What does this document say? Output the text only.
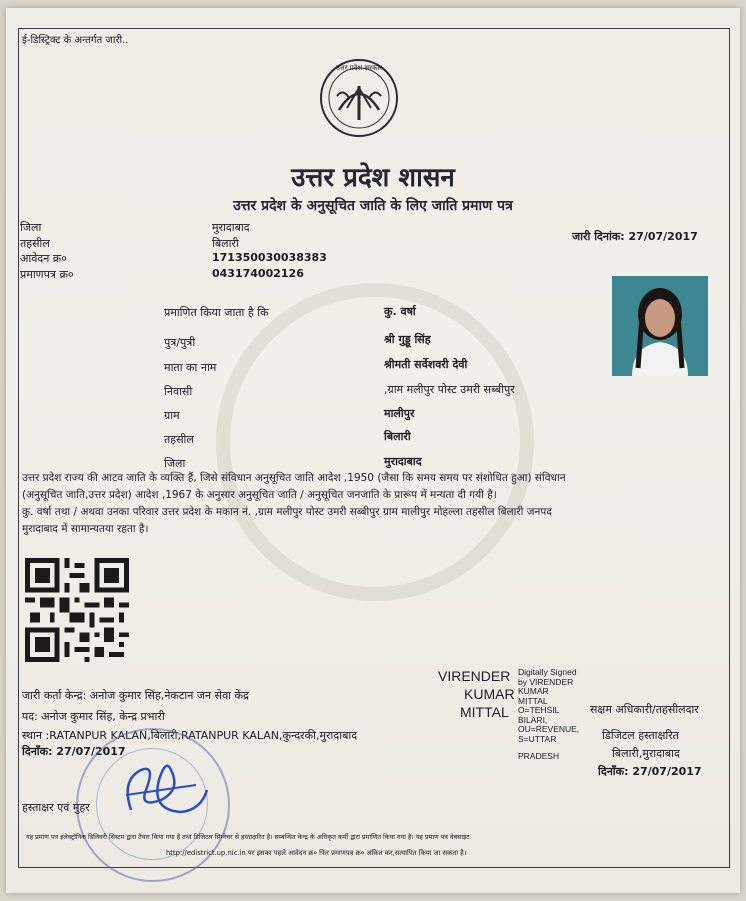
ई-डिस्ट्रिक्ट के अन्तर्गत जारी..
उत्तर प्रदेश सरकार
उत्तर प्रदेश शासन
उत्तर प्रदेश के अनुसूचित जाति के लिए जाति प्रमाण पत्र
जिला	मुरादाबाद
तहसील	बिलारी
आवेदन क्र०	171350030038383
प्रमाणपत्र क्र०	043174002126
जारी दिनांक: 27/07/2017
प्रमाणित किया जाता है कि	कु. वर्षा
पुत्र/पुत्री	श्री गुड्डू सिंह
माता का नाम	श्रीमती सर्वेशवरी देवी
निवासी	,ग्राम मलीपुर पोस्ट उमरी सब्बीपुर
ग्राम	मालीपुर
तहसील	बिलारी
जिला	मुरादाबाद
उत्तर प्रदेश राज्य की आटव जाति के व्यक्ति हैं, जिसे संविधान अनुसूचित जाति आदेश ,1950 (जैसा कि समय समय पर संशोधित हुआ) संविधान
(अनुसूचित जाति,उत्तर प्रदेश) आदेश ,1967 के अनुसार अनुसूचित जाति / अनुसूचित जनजाति के प्रारूप में मन्यता दी गयी है।
कु. वर्षा तथा / अथवा उनका परिवार उत्तर प्रदेश के मकान नं. ,ग्राम मलीपुर पोस्ट उमरी सब्बीपुर ग्राम मालीपुर मोहल्ला तहसील बिलारी जनपद
मुरादाबाद में सामान्यतया रहता है।
जारी कर्ता केन्द्र: अनोज कुमार सिंह,नेकटान जन सेवा केंद्र
पद: अनोज कुमार सिंह, केन्द्र प्रभारी
स्थान :RATANPUR KALAN,बिलारी,RATANPUR KALAN,कुन्दरकी,मुरादाबाद
दिनाँक: 27/07/2017
हस्ताक्षर एवं मुहर
VIRENDER
KUMAR
MITTAL
Digitally Signed
by VIRENDER
KUMAR
MITTAL
O=TEHSIL
BILARI,
OU=REVENUE,
S=UTTAR
PRADESH
सक्षम अधिकारी/तहसीलदार
डिजिटल हस्ताक्षरित
बिलारी,मुरादाबाद
दिनाँक: 27/07/2017
यह प्रमाण पत्र इलेक्ट्रॉनिक डिलिवरी सिस्टम द्वारा तैयार किया गया है तथा डिजिटल सिग्नेचर से हस्ताक्षरित है। सम्बन्धित केन्द्र के अधिकृत कर्मी द्वारा प्रमाणित किया गया है। यह प्रमाण पत्र वेबसाइट
http://edistrict.up.nic.in पर इसका पहले आवेदन क्र० फिर प्रमाणपत्र क्र० अंकित कर,सत्यापित किया जा सकता है।
